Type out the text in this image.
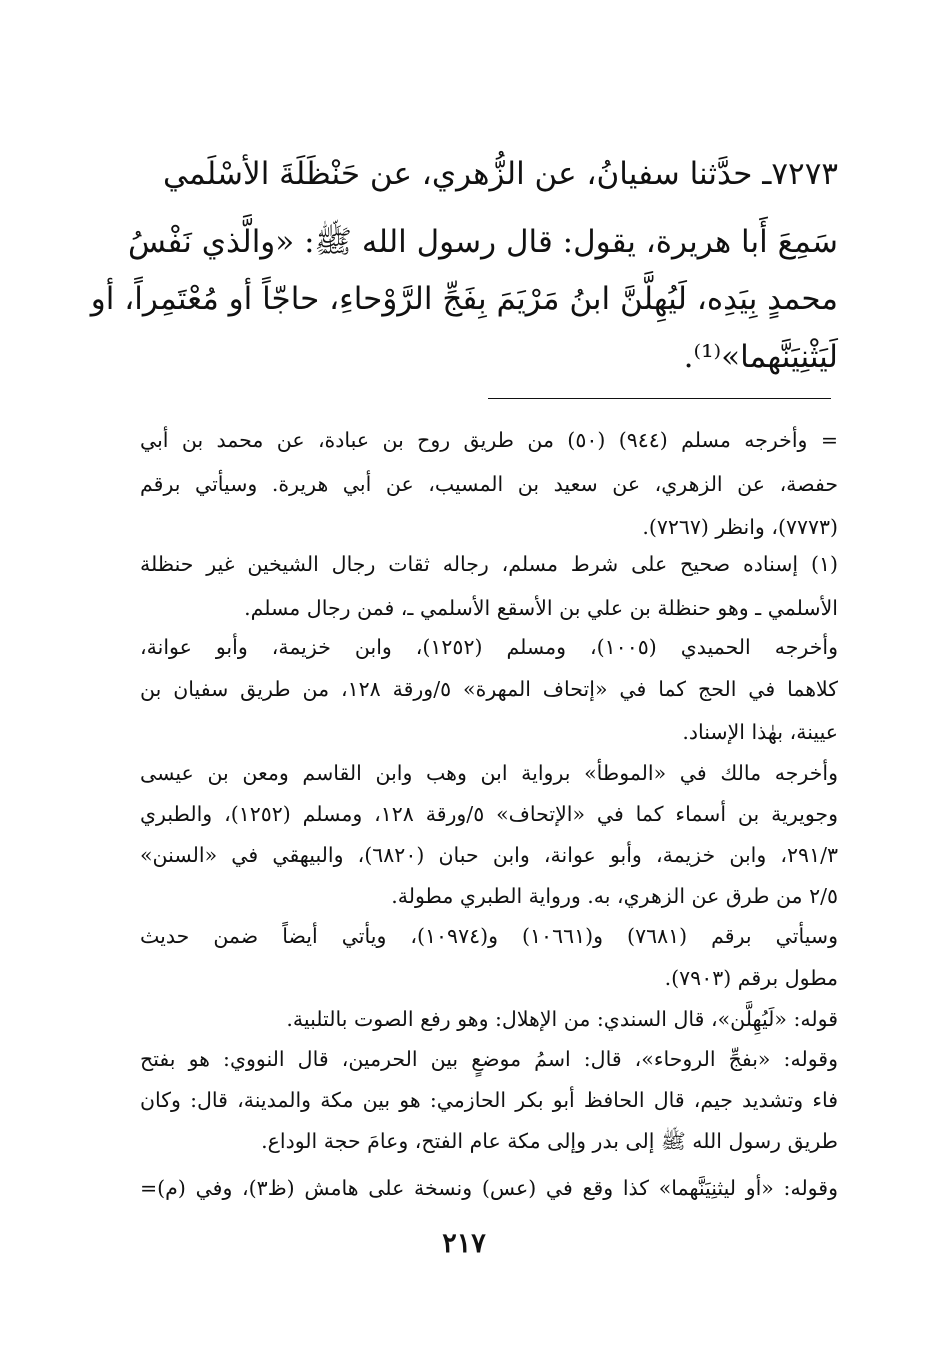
٧٢٧٣ـ حدَّثنا سفيانُ، عن الزُّهري، عن حَنْظَلَةَ الأسْلَمي
سَمِعَ أَبا هريرة، يقول: قال رسول الله ﷺ: «والَّذي نَفْسُ
محمدٍ بِيَدِه، لَيُهِلَّنَّ ابنُ مَرْيَمَ بِفَجِّ الرَّوْحاءِ، حاجّاً أو مُعْتَمِراً، أو
لَيَثْنِيَنَّهما»⁽¹⁾.
= وأخرجه مسلم (٩٤٤) (٥٠) من طريق روح بن عبادة، عن محمد بن أبي
حفصة، عن الزهري، عن سعيد بن المسيب، عن أبي هريرة. وسيأتي برقم
(٧٧٧٣)، وانظر (٧٢٦٧).
(١) إسناده صحيح على شرط مسلم، رجاله ثقات رجال الشيخين غير حنظلة
الأسلمي ـ وهو حنظلة بن علي بن الأسقع الأسلمي ـ، فمن رجال مسلم.
وأخرجه الحميدي (١٠٠٥)، ومسلم (١٢٥٢)، وابن خزيمة، وأبو عوانة،
كلاهما في الحج كما في «إتحاف المهرة» ٥/ورقة ١٢٨، من طريق سفيان بن
عيينة، بهٰذا الإسناد.
وأخرجه مالك في «الموطأ» برواية ابن وهب وابن القاسم ومعن بن عيسى
وجويرية بن أسماء كما في «الإتحاف» ٥/ورقة ١٢٨، ومسلم (١٢٥٢)، والطبري
٢٩١/٣، وابن خزيمة، وأبو عوانة، وابن حبان (٦٨٢٠)، والبيهقي في «السنن»
٢/٥ من طرق عن الزهري، به. ورواية الطبري مطولة.
وسيأتي برقم (٧٦٨١) و(١٠٦٦١) و(١٠٩٧٤)، ويأتي أيضاً ضمن حديث
مطول برقم (٧٩٠٣).
قوله: «لَيُهِلَّن»، قال السندي: من الإهلال: وهو رفع الصوت بالتلبية.
وقوله: «بفجِّ الروحاء»، قال: اسمُ موضعٍ بين الحرمين، قال النووي: هو بفتح
فاء وتشديد جيم، قال الحافظ أبو بكر الحازمي: هو بين مكة والمدينة، قال: وكان
طريق رسول الله ﷺ إلى بدر وإلى مكة عام الفتح، وعامَ حجة الوداع.
وقوله: «أو ليثنِيَنَّهما» كذا وقع في (عس) ونسخة على هامش (ظ٣)، وفي (م)=
٢١٧
